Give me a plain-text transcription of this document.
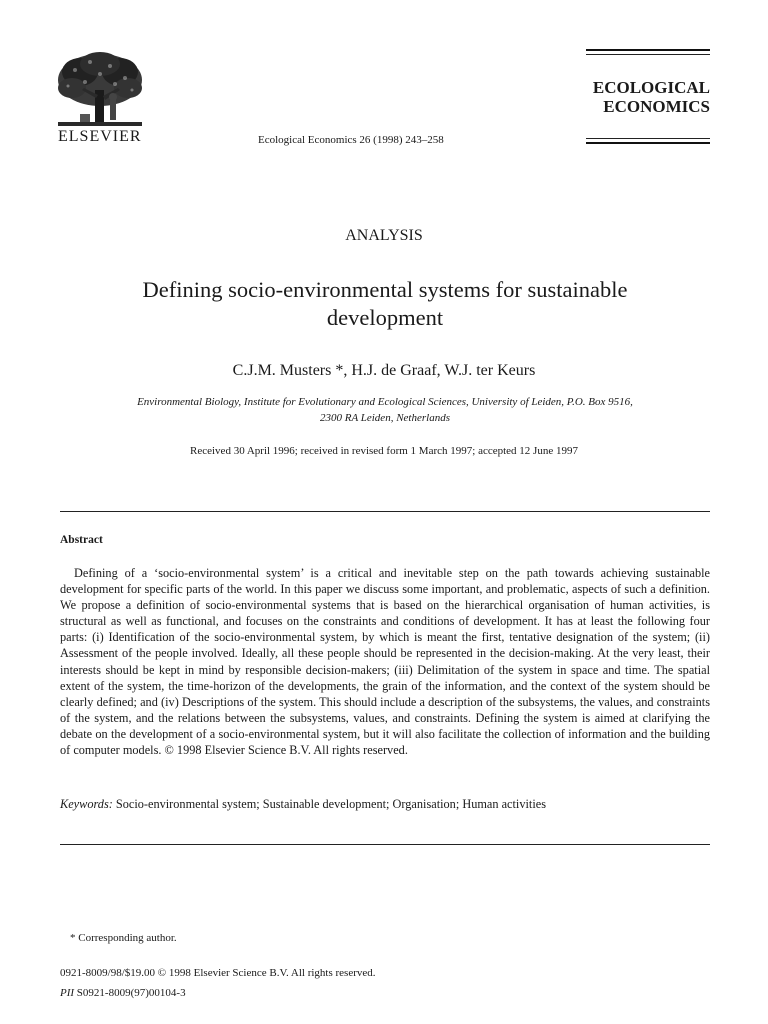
ELSEVIER	Ecological Economics 26 (1998) 243–258
ECOLOGICAL
ECONOMICS
ANALYSIS
Defining socio-environmental systems for sustainable development
C.J.M. Musters *, H.J. de Graaf, W.J. ter Keurs
Environmental Biology, Institute for Evolutionary and Ecological Sciences, University of Leiden, P.O. Box 9516,
2300 RA Leiden, Netherlands
Received 30 April 1996; received in revised form 1 March 1997; accepted 12 June 1997
Abstract

Defining of a ‘socio-environmental system’ is a critical and inevitable step on the path towards achieving sustainable development for specific parts of the world. In this paper we discuss some important, and problematic, aspects of such a definition. We propose a definition of socio-environmental systems that is based on the hierarchical organisation of human activities, is structural as well as functional, and focuses on the constraints and conditions of development. It has at least the following four parts: (i) Identification of the socio-environmental system, by which is meant the first, tentative designation of the system; (ii) Assessment of the people involved. Ideally, all these people should be represented in the decision-making. At the very least, their interests should be kept in mind by responsible decision-makers; (iii) Delimitation of the system in space and time. The spatial extent of the system, the time-horizon of the developments, the grain of the information, and the context of the system should be clearly defined; and (iv) Descriptions of the system. This should include a description of the subsystems, the values, and constraints of the system, and the relations between the subsystems, values, and constraints. Defining the system is aimed at clarifying the debate on the development of a socio-environmental system, but it will also facilitate the collection of information and the building of computer models. © 1998 Elsevier Science B.V. All rights reserved.

Keywords: Socio-environmental system; Sustainable development; Organisation; Human activities
* Corresponding author.
0921-8009/98/$19.00 © 1998 Elsevier Science B.V. All rights reserved.
PII S0921-8009(97)00104-3
